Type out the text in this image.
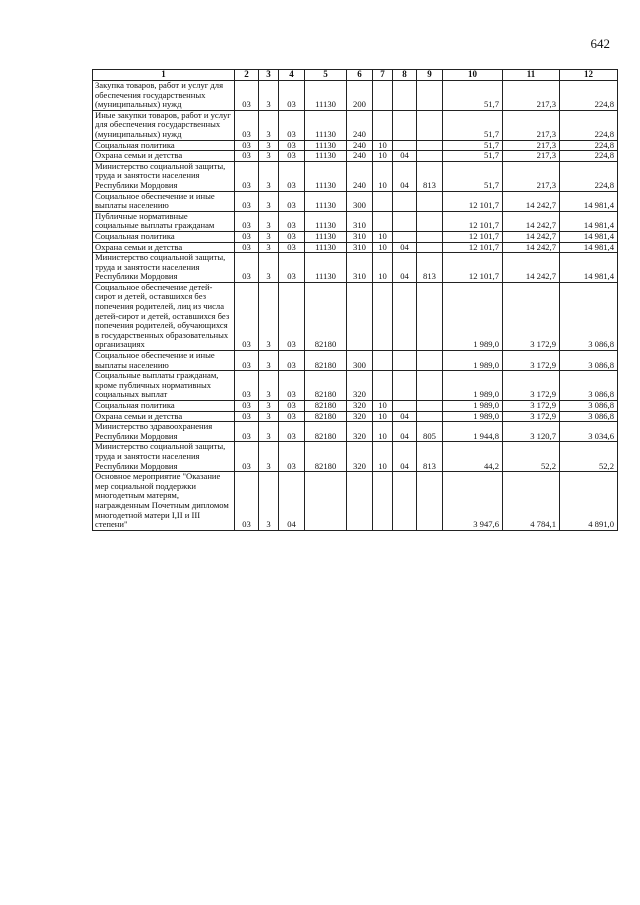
642
1	2	3	4	5	6	7	8	9	10	11	12
Закупка товаров, работ и услуг для обеспечения государственных (муниципальных) нужд	03	3	03	11130	200				51,7	217,3	224,8
Иные закупки товаров, работ и услуг для обеспечения государственных (муниципальных) нужд	03	3	03	11130	240				51,7	217,3	224,8
Социальная политика	03	3	03	11130	240	10			51,7	217,3	224,8
Охрана семьи и детства	03	3	03	11130	240	10	04		51,7	217,3	224,8
Министерство социальной защиты, труда и занятости населения Республики Мордовия	03	3	03	11130	240	10	04	813	51,7	217,3	224,8
Социальное обеспечение и иные выплаты населению	03	3	03	11130	300				12 101,7	14 242,7	14 981,4
Публичные нормативные социальные выплаты гражданам	03	3	03	11130	310				12 101,7	14 242,7	14 981,4
Социальная политика	03	3	03	11130	310	10			12 101,7	14 242,7	14 981,4
Охрана семьи и детства	03	3	03	11130	310	10	04		12 101,7	14 242,7	14 981,4
Министерство социальной защиты, труда и занятости населения Республики Мордовия	03	3	03	11130	310	10	04	813	12 101,7	14 242,7	14 981,4
Социальное обеспечение детей-сирот и детей, оставшихся без попечения родителей, лиц из числа детей-сирот и детей, оставшихся без попечения родителей, обучающихся в государственных образовательных организациях	03	3	03	82180					1 989,0	3 172,9	3 086,8
Социальное обеспечение и иные выплаты населению	03	3	03	82180	300				1 989,0	3 172,9	3 086,8
Социальные выплаты гражданам, кроме публичных нормативных социальных выплат	03	3	03	82180	320				1 989,0	3 172,9	3 086,8
Социальная политика	03	3	03	82180	320	10			1 989,0	3 172,9	3 086,8
Охрана семьи и детства	03	3	03	82180	320	10	04		1 989,0	3 172,9	3 086,8
Министерство здравоохранения Республики Мордовия	03	3	03	82180	320	10	04	805	1 944,8	3 120,7	3 034,6
Министерство социальной защиты, труда и занятости населения Республики Мордовия	03	3	03	82180	320	10	04	813	44,2	52,2	52,2
Основное мероприятие "Оказание мер социальной поддержки многодетным матерям, награжденным Почетным дипломом многодетной матери I,II и III степени"	03	3	04						3 947,6	4 784,1	4 891,0
